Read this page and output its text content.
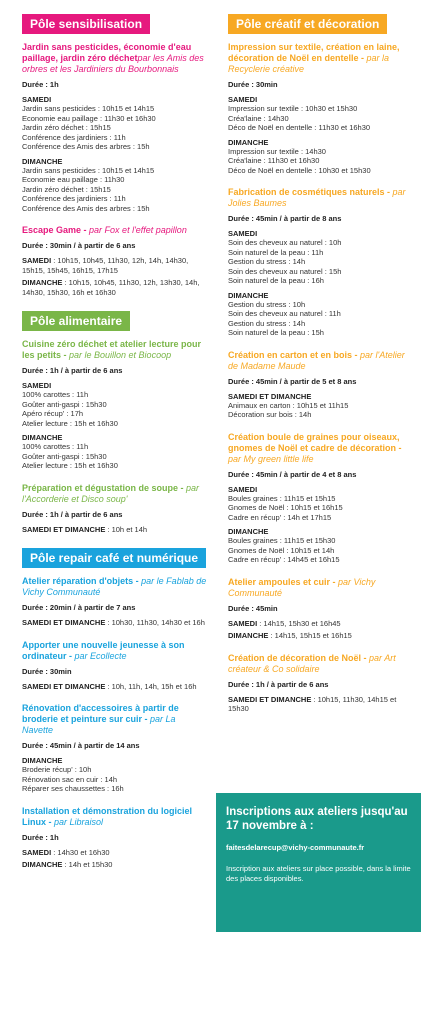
Pôle sensibilisation
Jardin sans pesticides, économie d'eau paillage, jardin zéro déchetpar les Amis des orbres et les Jardiniers du Bourbonnais
Durée : 1h
SAMEDI
Jardin sans pesticides : 10h15 et 14h15
Economie eau paillage : 11h30 et 16h30
Jardin zéro déchet : 15h15
Conférence des jardiniers : 11h
Conférence des Amis des arbres : 15h
DIMANCHE
Jardin sans pesticides : 10h15 et 14h15
Economie eau paillage : 11h30
Jardin zéro déchet : 15h15
Conférence des jardiniers : 11h
Conférence des Amis des arbres : 15h
Escape Game - par Fox et l'effet papillon
Durée : 30min / à partir de 6 ans
SAMEDI : 10h15, 10h45, 11h30, 12h, 14h, 14h30, 15h15, 15h45, 16h15, 17h15
DIMANCHE : 10h15, 10h45, 11h30, 12h, 13h30, 14h, 14h30, 15h30, 16h et 16h30
Pôle alimentaire
Cuisine zéro déchet et atelier lecture pour les petits - par le Bouillon et Biocoop
Durée : 1h / à partir de 6 ans
SAMEDI
100% carottes : 11h
Goûter anti-gaspi : 15h30
Apéro récup' : 17h
Atelier lecture : 15h et 16h30
DIMANCHE
100% carottes : 11h
Goûter anti-gaspi : 15h30
Atelier lecture : 15h et 16h30
Préparation et dégustation de soupe - par l'Accorderie et Disco soup'
Durée : 1h / à partir de 6 ans
SAMEDI ET DIMANCHE : 10h et 14h
Pôle repair café et numérique
Atelier réparation d'objets - par le Fablab de Vichy Communauté
Durée : 20min / à partir de 7 ans
SAMEDI ET DIMANCHE : 10h30, 11h30, 14h30 et 16h
Apporter une nouvelle jeunesse à son ordinateur - par Ecollecte
Durée : 30min
SAMEDI ET DIMANCHE : 10h, 11h, 14h, 15h et 16h
Rénovation d'accessoires à partir de broderie et peinture sur cuir - par La Navette
Durée : 45min / à partir de 14 ans
DIMANCHE
Broderie récup' : 10h
Rénovation sac en cuir : 14h
Réparer ses chaussettes : 16h
Installation et démonstration du logiciel Linux - par Libraisol
Durée : 1h
SAMEDI : 14h30 et 16h30
DIMANCHE : 14h et 15h30
Pôle créatif et décoration
Impression sur textile, création en laine, décoration de Noël en dentelle - par la Recyclerie créative
Durée : 30min
SAMEDI
Impression sur textile : 10h30 et 15h30
Créa'laine : 14h30
Déco de Noël en dentelle : 11h30 et 16h30
DIMANCHE
Impression sur textile : 14h30
Créa'laine : 11h30 et 16h30
Déco de Noël en dentelle : 10h30 et 15h30
Fabrication de cosmétiques naturels - par Jolies Baumes
Durée : 45min / à partir de 8 ans
SAMEDI
Soin des cheveux au naturel : 10h
Soin naturel de la peau : 11h
Gestion du stress : 14h
Soin des cheveux au naturel : 15h
Soin naturel de la peau : 16h
DIMANCHE
Gestion du stress : 10h
Soin des cheveux au naturel : 11h
Gestion du stress : 14h
Soin naturel de la peau : 15h
Création en carton et en bois - par l'Atelier de Madame Maude
Durée : 45min / à partir de 5 et 8 ans
SAMEDI ET DIMANCHE
Animaux en carton : 10h15 et 11h15
Décoration sur bois : 14h
Création boule de graines pour oiseaux, gnomes de Noël et cadre de décoration - par My green little life
Durée : 45min / à partir de 4 et 8 ans
SAMEDI
Boules graines : 11h15 et 15h15
Gnomes de Noël : 10h15 et 16h15
Cadre en récup' : 14h et 17h15
DIMANCHE
Boules graines : 11h15 et 15h30
Gnomes de Noël : 10h15 et 14h
Cadre en récup' : 14h45 et 16h15
Atelier ampoules et cuir - par Vichy Communauté
Durée : 45min
SAMEDI : 14h15, 15h30 et 16h45
DIMANCHE : 14h15, 15h15 et 16h15
Création de décoration de Noël - par Art créateur & Co solidaire
Durée : 1h / à partir de 6 ans
SAMEDI ET DIMANCHE : 10h15, 11h30, 14h15 et 15h30
Inscriptions aux ateliers jusqu'au 17 novembre à :
faitesdelarecup@vichy-communaute.fr
Inscription aux ateliers sur place possible, dans la limite des places disponibles.
